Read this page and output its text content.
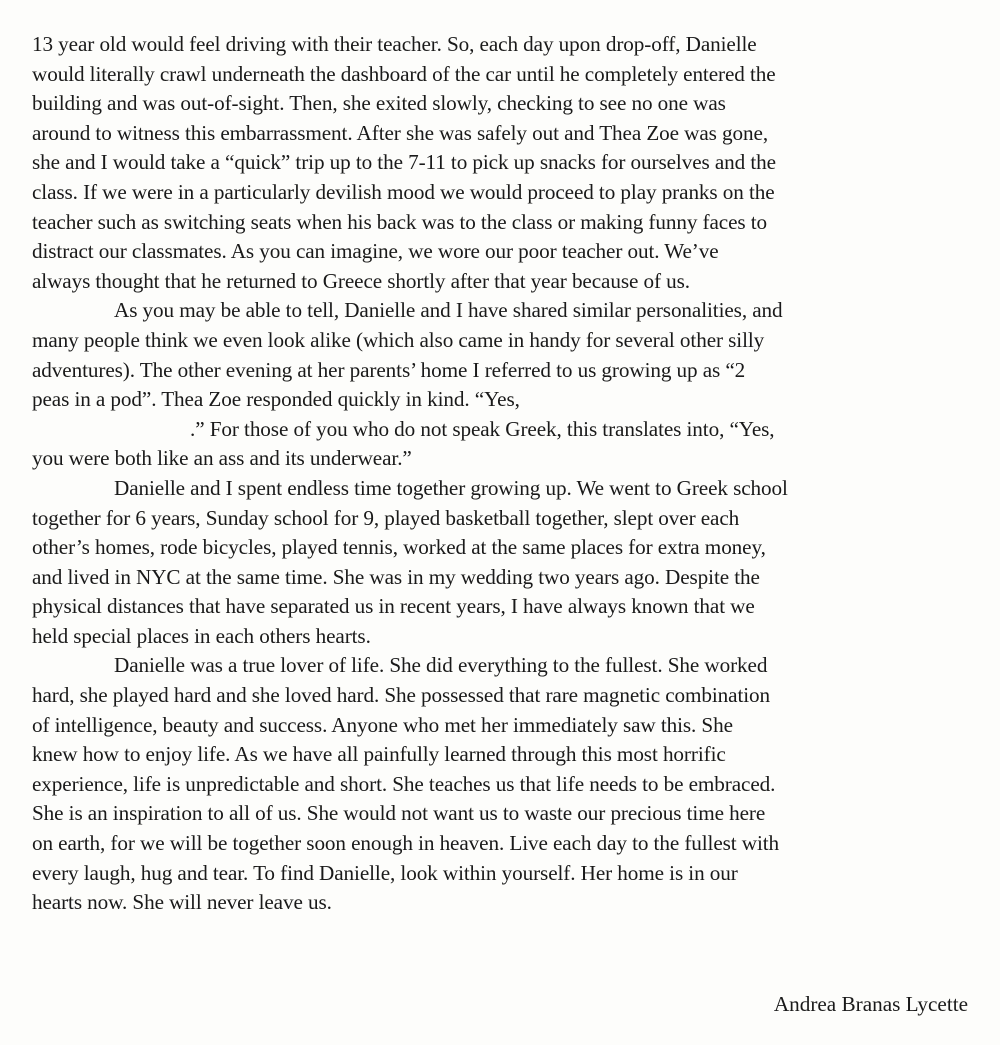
13 year old would feel driving with their teacher. So, each day upon drop-off, Danielle
would literally crawl underneath the dashboard of the car until he completely entered the
building and was out-of-sight. Then, she exited slowly, checking to see no one was
around to witness this embarrassment. After she was safely out and Thea Zoe was gone,
she and I would take a “quick” trip up to the 7-11 to pick up snacks for ourselves and the
class. If we were in a particularly devilish mood we would proceed to play pranks on the
teacher such as switching seats when his back was to the class or making funny faces to
distract our classmates. As you can imagine, we wore our poor teacher out. We’ve
always thought that he returned to Greece shortly after that year because of us.
As you may be able to tell, Danielle and I have shared similar personalities, and
many people think we even look alike (which also came in handy for several other silly
adventures). The other evening at her parents’ home I referred to us growing up as “2
peas in a pod”. Thea Zoe responded quickly in kind. “Yes,
.” For those of you who do not speak Greek, this translates into, “Yes,
you were both like an ass and its underwear.”
Danielle and I spent endless time together growing up. We went to Greek school
together for 6 years, Sunday school for 9, played basketball together, slept over each
other’s homes, rode bicycles, played tennis, worked at the same places for extra money,
and lived in NYC at the same time. She was in my wedding two years ago. Despite the
physical distances that have separated us in recent years, I have always known that we
held special places in each others hearts.
Danielle was a true lover of life. She did everything to the fullest. She worked
hard, she played hard and she loved hard. She possessed that rare magnetic combination
of intelligence, beauty and success. Anyone who met her immediately saw this. She
knew how to enjoy life. As we have all painfully learned through this most horrific
experience, life is unpredictable and short. She teaches us that life needs to be embraced.
She is an inspiration to all of us. She would not want us to waste our precious time here
on earth, for we will be together soon enough in heaven. Live each day to the fullest with
every laugh, hug and tear. To find Danielle, look within yourself. Her home is in our
hearts now. She will never leave us.
Andrea Branas Lycette
